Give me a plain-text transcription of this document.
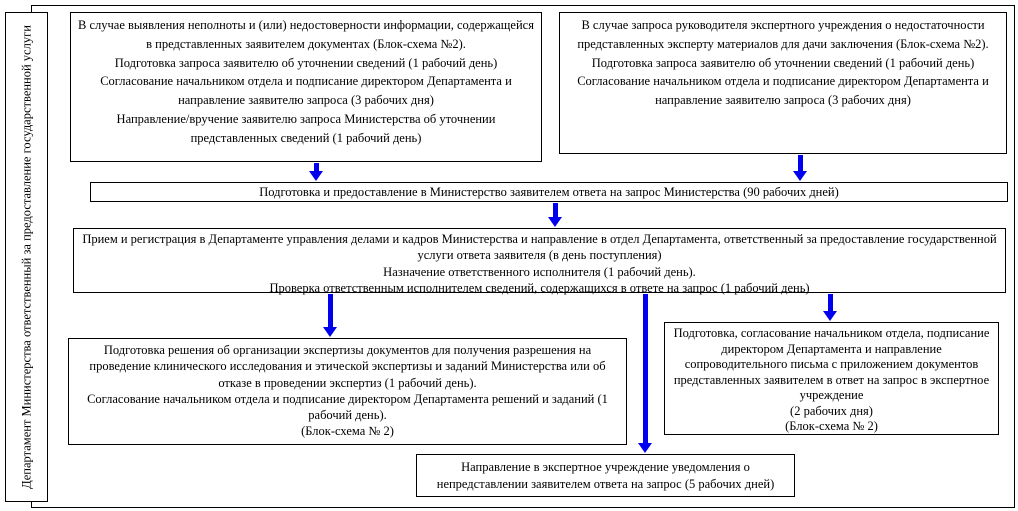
Департамент Министерства ответственный за предоставление государственной услуги
В случае выявления неполноты и (или) недостоверности информации, содержащейся в представленных заявителем документах (Блок-схема №2).
Подготовка запроса заявителю об уточнении сведений (1 рабочий день)
Согласование начальником отдела и подписание директором Департамента и направление заявителю запроса (3 рабочих дня)
Направление/вручение заявителю запроса Министерства об уточнении представленных сведений (1 рабочий день)
В случае запроса руководителя экспертного учреждения о недостаточности представленных эксперту материалов для дачи заключения (Блок-схема №2).
Подготовка запроса заявителю об уточнении сведений (1 рабочий день)
Согласование начальником отдела и подписание директором Департамента и направление заявителю запроса (3 рабочих дня)
Подготовка и предоставление в Министерство заявителем ответа на запрос Министерства (90 рабочих дней)
Прием и регистрация в Департаменте управления делами и кадров Министерства и направление в отдел Департамента, ответственный за предоставление государственной услуги ответа заявителя (в день поступления)
Назначение ответственного исполнителя (1 рабочий день).
Проверка ответственным исполнителем сведений, содержащихся в ответе на запрос (1 рабочий день)
Подготовка решения об организации экспертизы документов для получения разрешения на проведение клинического исследования и этической экспертизы и заданий Министерства или об отказе в проведении экспертиз (1 рабочий день).
Согласование начальником отдела и подписание директором Департамента решений и заданий (1 рабочий день).
(Блок-схема № 2)
Подготовка, согласование начальником отдела, подписание директором Департамента и направление сопроводительного письма с приложением документов представленных заявителем в ответ на запрос в экспертное учреждение
(2 рабочих дня)
(Блок-схема № 2)
Направление в экспертное учреждение уведомления о непредставлении заявителем ответа на запрос (5 рабочих дней)
